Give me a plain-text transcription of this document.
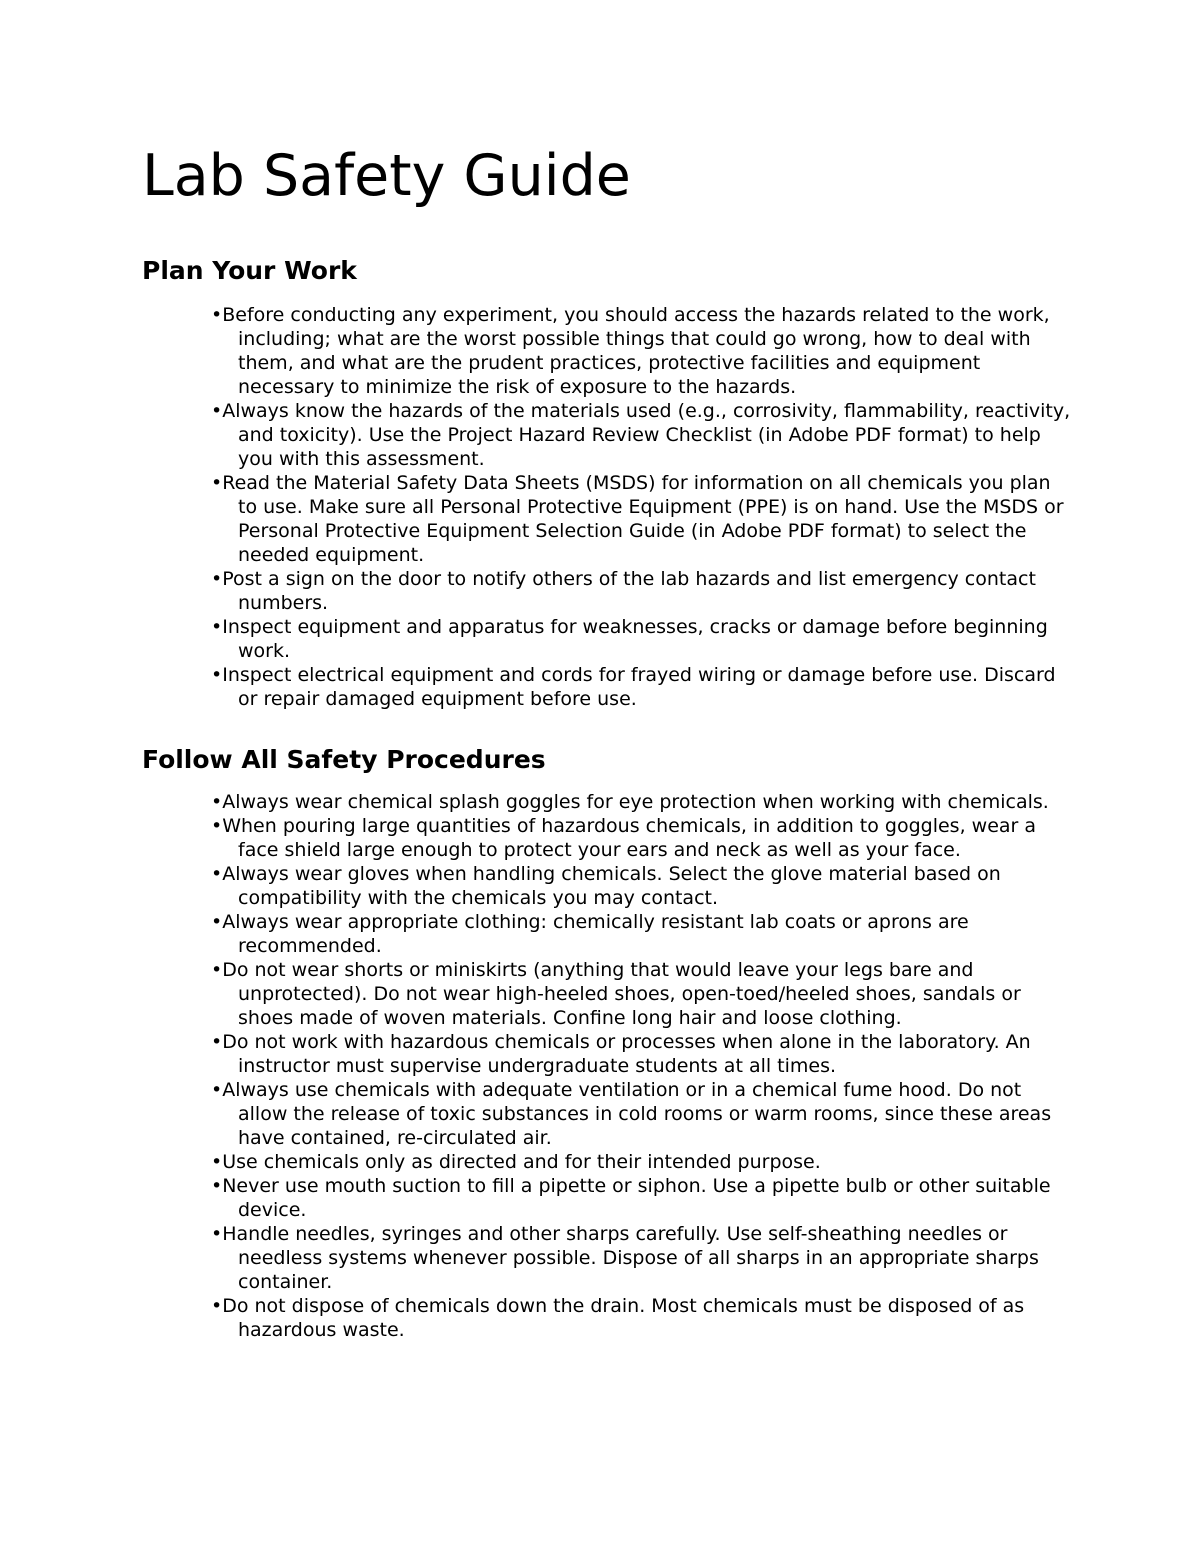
Lab Safety Guide
Plan Your Work
•Before conducting any experiment, you should access the hazards related to the work, including; what are the worst possible things that could go wrong, how to deal with them, and what are the prudent practices, protective facilities and equipment necessary to minimize the risk of exposure to the hazards.
•Always know the hazards of the materials used (e.g., corrosivity, flammability, reactivity, and toxicity). Use the Project Hazard Review Checklist (in Adobe PDF format) to help you with this assessment.
•Read the Material Safety Data Sheets (MSDS) for information on all chemicals you plan to use. Make sure all Personal Protective Equipment (PPE) is on hand. Use the MSDS or Personal Protective Equipment Selection Guide (in Adobe PDF format) to select the needed equipment.
•Post a sign on the door to notify others of the lab hazards and list emergency contact numbers.
•Inspect equipment and apparatus for weaknesses, cracks or damage before beginning work.
•Inspect electrical equipment and cords for frayed wiring or damage before use. Discard or repair damaged equipment before use.
Follow All Safety Procedures
•Always wear chemical splash goggles for eye protection when working with chemicals.
•When pouring large quantities of hazardous chemicals, in addition to goggles, wear a face shield large enough to protect your ears and neck as well as your face.
•Always wear gloves when handling chemicals. Select the glove material based on compatibility with the chemicals you may contact.
•Always wear appropriate clothing: chemically resistant lab coats or aprons are recommended.
•Do not wear shorts or miniskirts (anything that would leave your legs bare and unprotected). Do not wear high-heeled shoes, open-toed/heeled shoes, sandals or shoes made of woven materials. Confine long hair and loose clothing.
•Do not work with hazardous chemicals or processes when alone in the laboratory. An instructor must supervise undergraduate students at all times.
•Always use chemicals with adequate ventilation or in a chemical fume hood. Do not allow the release of toxic substances in cold rooms or warm rooms, since these areas have contained, re-circulated air.
•Use chemicals only as directed and for their intended purpose.
•Never use mouth suction to fill a pipette or siphon. Use a pipette bulb or other suitable device.
•Handle needles, syringes and other sharps carefully. Use self-sheathing needles or needless systems whenever possible. Dispose of all sharps in an appropriate sharps container.
•Do not dispose of chemicals down the drain. Most chemicals must be disposed of as hazardous waste.
